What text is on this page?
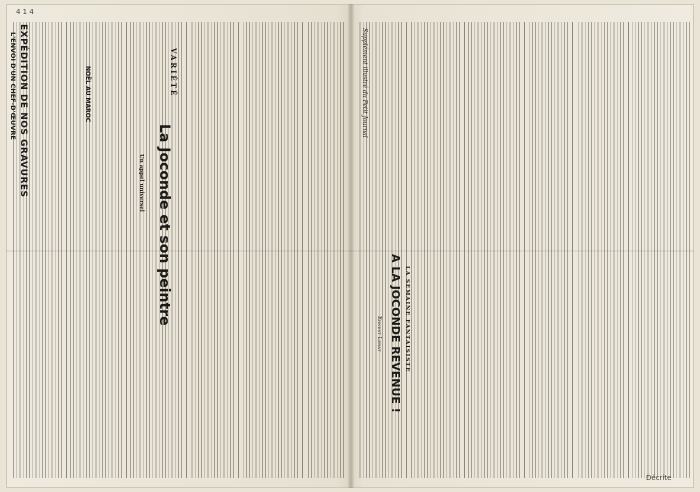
EXPÉDITION DE NOS GRAVURES
L'ENVOI D'UN CHEF-D'ŒUVRE	NOËL AU MAROC	VARIÉTÉ
La Joconde et son peintre
Un appel universel
Supplément illustré du Petit Journal
LA SEMAINE FANTAISISTE
A LA JOCONDE REVENUE !
Ernest Lerat
4 1 4
Décrite
